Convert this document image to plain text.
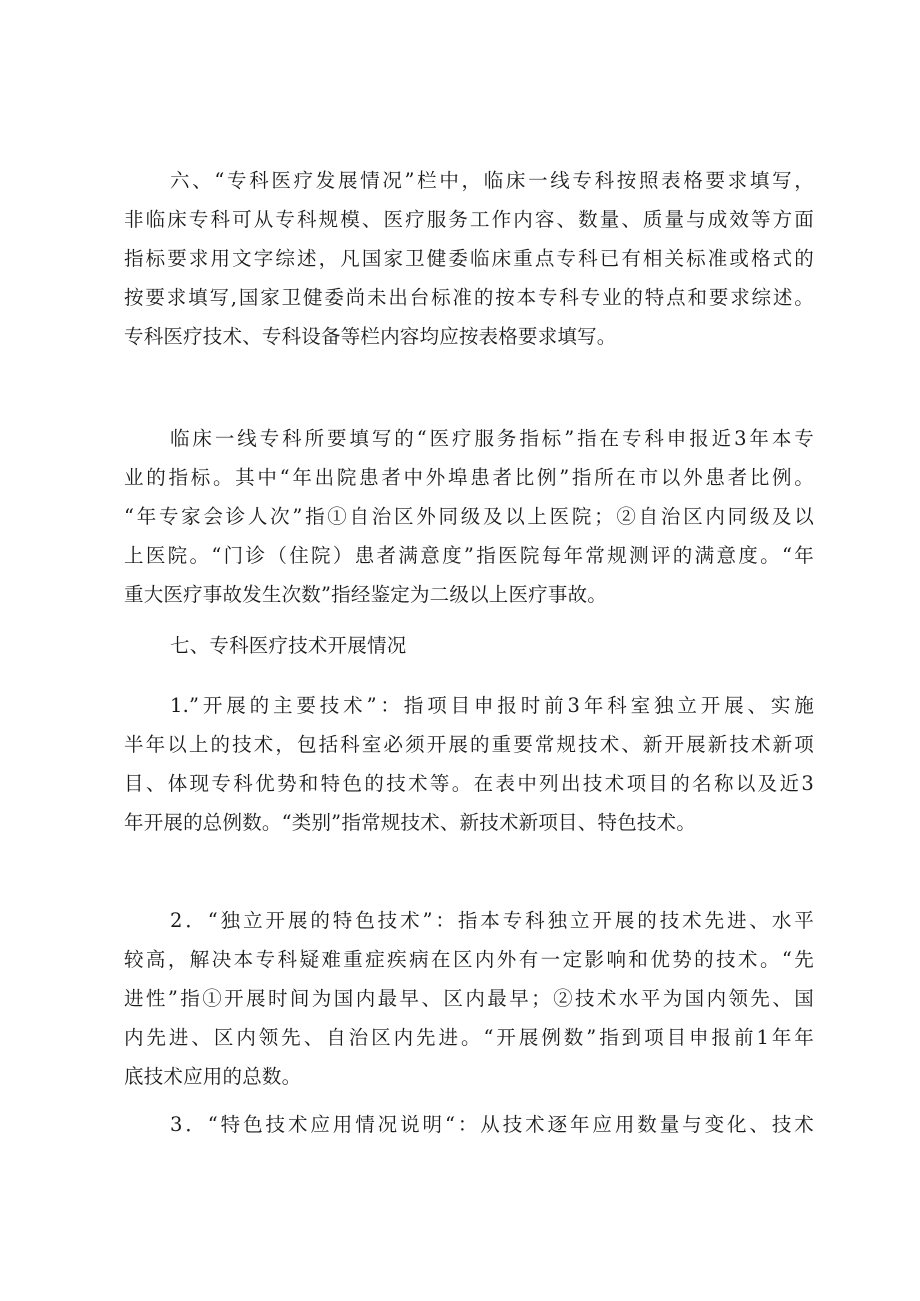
六、“专科医疗发展情况”栏中，临床一线专科按照表格要求填写，
非临床专科可从专科规模、医疗服务工作内容、数量、质量与成效等方面
指标要求用文字综述，凡国家卫健委临床重点专科已有相关标准或格式的
按要求填写,国家卫健委尚未出台标准的按本专科专业的特点和要求综述。
专科医疗技术、专科设备等栏内容均应按表格要求填写。
临床一线专科所要填写的“医疗服务指标”指在专科申报近3年本专
业的指标。其中“年出院患者中外埠患者比例”指所在市以外患者比例。
“年专家会诊人次”指①自治区外同级及以上医院；②自治区内同级及以
上医院。“门诊（住院）患者满意度”指医院每年常规测评的满意度。“年
重大医疗事故发生次数”指经鉴定为二级以上医疗事故。
七、专科医疗技术开展情况
1.”开展的主要技术”：指项目申报时前3年科室独立开展、实施
半年以上的技术，包括科室必须开展的重要常规技术、新开展新技术新项
目、体现专科优势和特色的技术等。在表中列出技术项目的名称以及近3
年开展的总例数。“类别”指常规技术、新技术新项目、特色技术。
2．“独立开展的特色技术”：指本专科独立开展的技术先进、水平
较高，解决本专科疑难重症疾病在区内外有一定影响和优势的技术。“先
进性”指①开展时间为国内最早、区内最早；②技术水平为国内领先、国
内先进、区内领先、自治区内先进。“开展例数”指到项目申报前1年年
底技术应用的总数。
3．“特色技术应用情况说明“：从技术逐年应用数量与变化、技术
